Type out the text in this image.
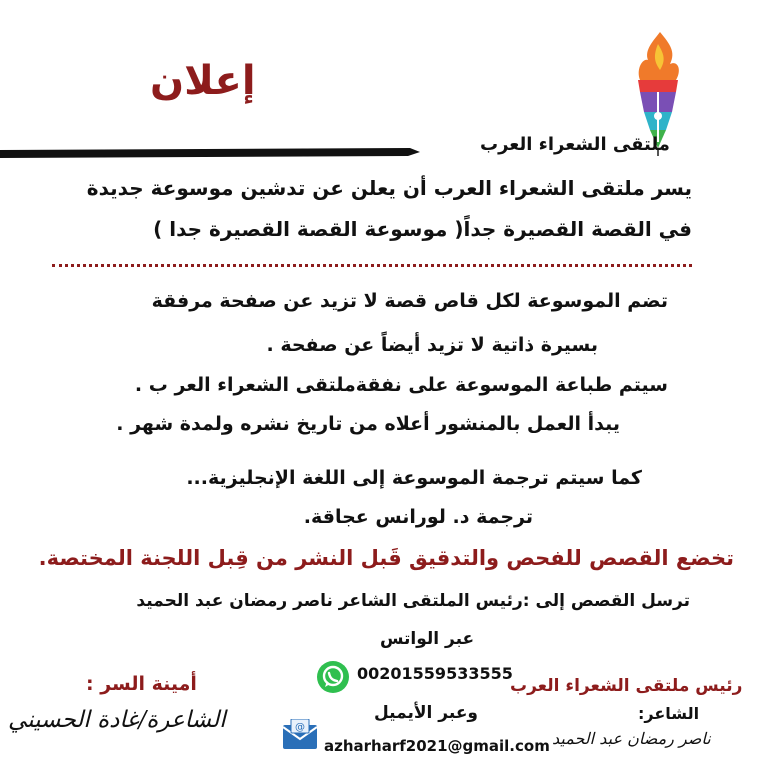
إعلان
ملتقى الشعراء العرب
يسر ملتقى الشعراء العرب أن يعلن عن تدشين موسوعة جديدة
في القصة القصيرة جداً( موسوعة القصة القصيرة جدا )
تضم الموسوعة لكل قاص قصة لا تزيد عن صفحة مرفقة
بسيرة ذاتية لا تزيد أيضاً عن صفحة .
سيتم طباعة الموسوعة على نفقةملتقى الشعراء العر ب .
يبدأ العمل بالمنشور أعلاه من تاريخ نشره ولمدة شهر .
كما سيتم ترجمة الموسوعة إلى اللغة الإنجليزية...
ترجمة د. لورانس عجاقة.
تخضع القصص للفحص والتدقيق قَبل النشر من قِبل اللجنة المختصة.
ترسل القصص إلى :رئيس الملتقى الشاعر ناصر رمضان عبد الحميد
عبر الواتس
00201559533555
وعبر الأيميل
@
azharharf2021@gmail.com
أمينة السر :
الشاعرة/غادة الحسيني
رئيس ملتقى الشعراء العرب
الشاعر:
ناصر رمضان عبد الحميد
